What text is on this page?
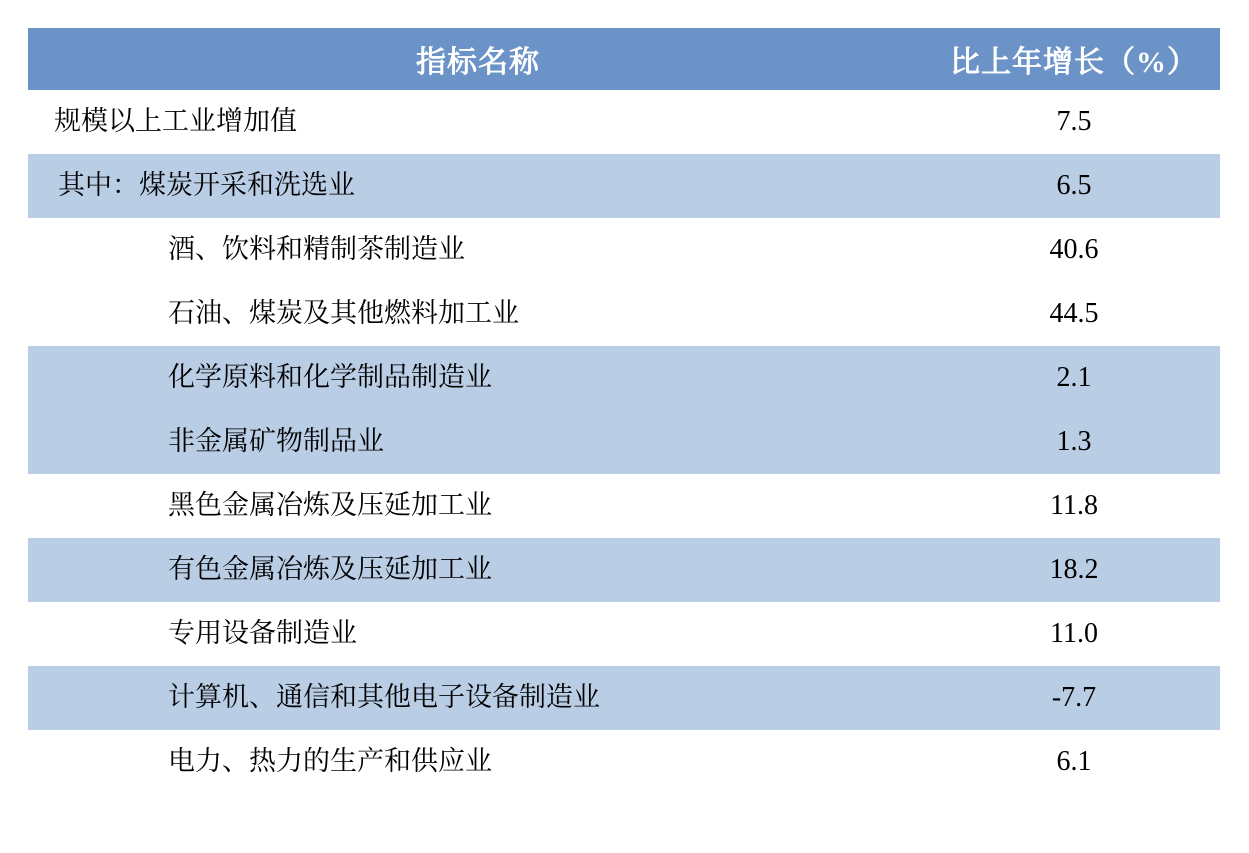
指标名称	比上年增长（%）
规模以上工业增加值	7.5
其中：煤炭开采和洗选业	6.5
酒、饮料和精制茶制造业	40.6
石油、煤炭及其他燃料加工业	44.5
化学原料和化学制品制造业	2.1
非金属矿物制品业	1.3
黑色金属冶炼及压延加工业	11.8
有色金属冶炼及压延加工业	18.2
专用设备制造业	11.0
计算机、通信和其他电子设备制造业	-7.7
电力、热力的生产和供应业	6.1
